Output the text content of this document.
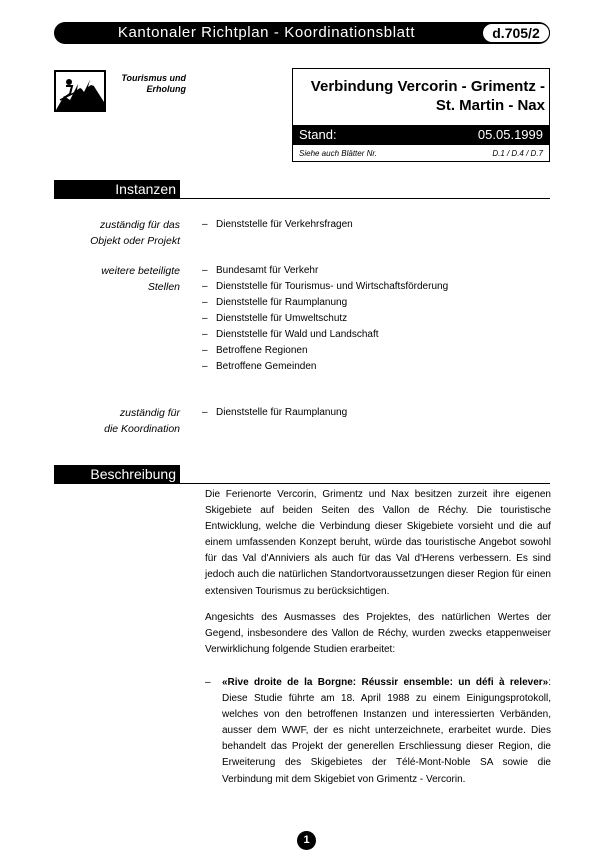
Kantonaler Richtplan - Koordinationsblatt	d.705/2
Tourismus und
Erholung	Verbindung Vercorin - Grimentz -
St. Martin - Nax
Stand:	05.05.1999
Siehe auch Blätter Nr.	D.1 / D.4 / D.7
Instanzen
zuständig für das
Objekt oder Projekt
– Dienststelle für Verkehrsfragen
weitere beteiligte
Stellen
– Bundesamt für Verkehr
– Dienststelle für Tourismus- und Wirtschaftsförderung
– Dienststelle für Raumplanung
– Dienststelle für Umweltschutz
– Dienststelle für Wald und Landschaft
– Betroffene Regionen
– Betroffene Gemeinden
zuständig für
die Koordination
– Dienststelle für Raumplanung
Beschreibung

Die Ferienorte Vercorin, Grimentz und Nax besitzen zurzeit ihre eigenen Skigebiete auf beiden Seiten des Vallon de Réchy. Die touristische Entwicklung, welche die Verbindung dieser Skigebiete vorsieht und die auf einem umfassenden Konzept beruht, würde das touristische Angebot sowohl für das Val d'Anniviers als auch für das Val d'Herens verbessern. Es sind jedoch auch die natürlichen Standortvoraussetzungen dieser Region für einen extensiven Tourismus zu berücksichtigen.

Angesichts des Ausmasses des Projektes, des natürlichen Wertes der Gegend, insbesondere des Vallon de Réchy, wurden zwecks etappenweiser Verwirklichung folgende Studien erarbeitet:

– «Rive droite de la Borgne: Réussir ensemble: un défi à relever»: Diese Studie führte am 18. April 1988 zu einem Einigungsprotokoll, welches von den betroffenen Instanzen und interessierten Verbänden, ausser dem WWF, der es nicht unterzeichnete, erarbeitet wurde. Dies behandelt das Projekt der generellen Erschliessung dieser Region, die Erweiterung des Skigebietes der Télé-Mont-Noble SA sowie die Verbindung mit dem Skigebiet von Grimentz - Vercorin.

1
